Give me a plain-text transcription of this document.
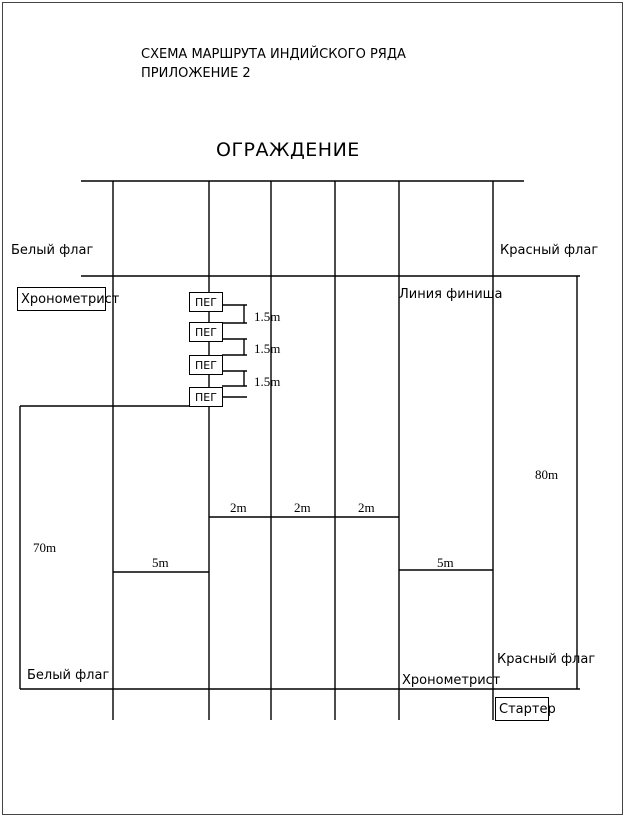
СХЕМА МАРШРУТА ИНДИЙСКОГО РЯДА
ПРИЛОЖЕНИЕ 2
ОГРАЖДЕНИЕ
Белый флаг	Красный флаг
Хронометрист	Линия финиша
Белый флаг
Красный флаг
Хронометрист
Стартер
ПЕГ
ПЕГ
ПЕГ
ПЕГ
1.5m
1.5m
1.5m
80m
70m
5m	5m
2m	2m	2m
